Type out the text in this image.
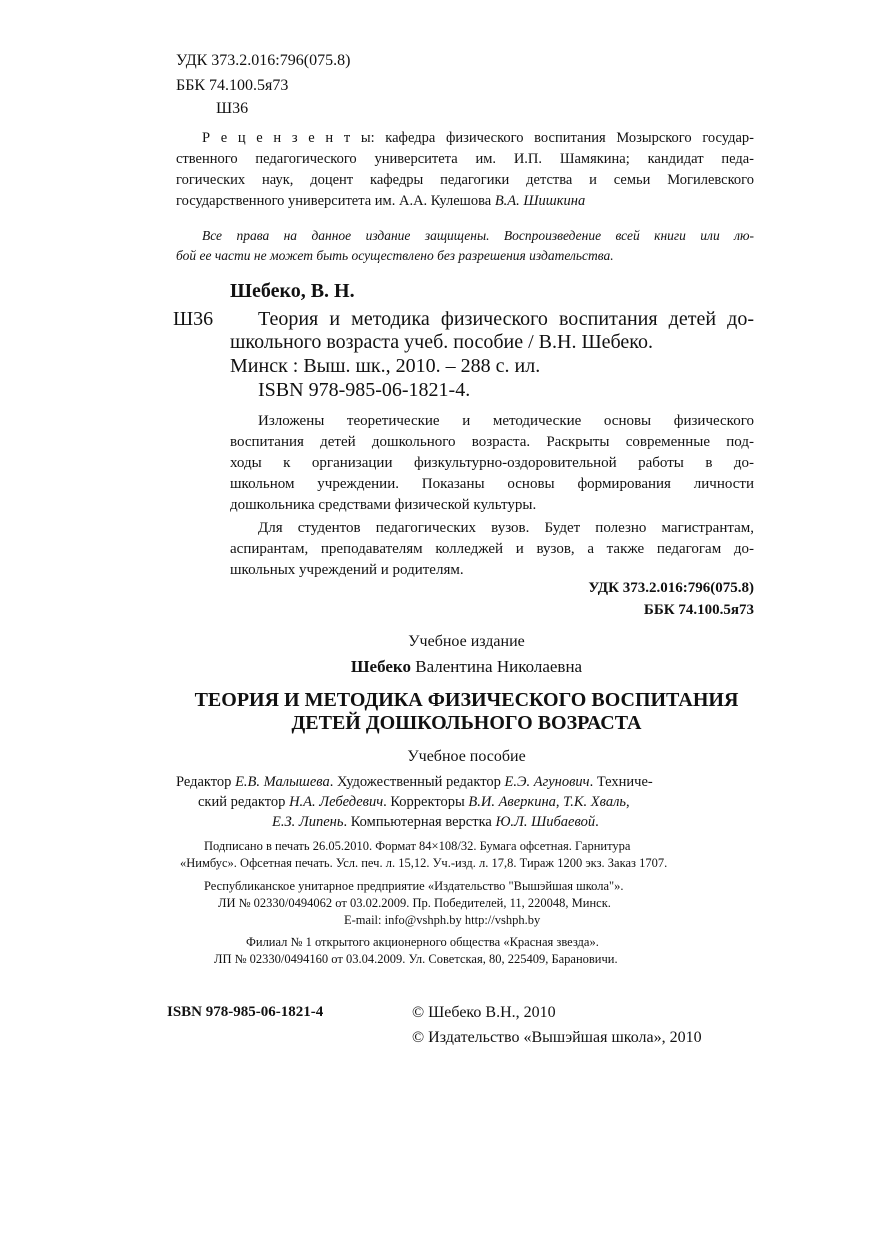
УДК 373.2.016:796(075.8)
ББК 74.100.5я73
Ш36
Р е ц е н з е н т ы: кафедра физического воспитания Мозырского государ-
ственного педагогического университета им. И.П. Шамякина; кандидат педа-
гогических наук, доцент кафедры педагогики детства и семьи Могилевского
государственного университета им. А.А. Кулешова В.А. Шишкина
Все права на данное издание защищены. Воспроизведение всей книги или лю-
бой ее части не может быть осуществлено без разрешения издательства.
Шебеко, В. Н.
Ш36 Теория и методика физического воспитания детей до-
школьного возраста учеб. пособие / В.Н. Шебеко.
Минск : Выш. шк., 2010. – 288 с. ил.
ISBN 978-985-06-1821-4.
Изложены теоретические и методические основы физического
воспитания детей дошкольного возраста. Раскрыты современные под-
ходы к организации физкультурно-оздоровительной работы в до-
школьном учреждении. Показаны основы формирования личности
дошкольника средствами физической культуры.
Для студентов педагогических вузов. Будет полезно магистрантам,
аспирантам, преподавателям колледжей и вузов, а также педагогам до-
школьных учреждений и родителям.
УДК 373.2.016:796(075.8)
ББК 74.100.5я73
Учебное издание
Шебеко Валентина Николаевна
ТЕОРИЯ И МЕТОДИКА ФИЗИЧЕСКОГО ВОСПИТАНИЯ
ДЕТЕЙ ДОШКОЛЬНОГО ВОЗРАСТА
Учебное пособие
Редактор Е.В. Малышева. Художественный редактор Е.Э. Агунович. Техниче-
ский редактор Н.А. Лебедевич. Корректоры В.И. Аверкина, Т.К. Хваль,
Е.З. Липень. Компьютерная верстка Ю.Л. Шибаевой.
Подписано в печать 26.05.2010. Формат 84×108/32. Бумага офсетная. Гарнитура
«Нимбус». Офсетная печать. Усл. печ. л. 15,12. Уч.-изд. л. 17,8. Тираж 1200 экз. Заказ 1707.
Республиканское унитарное предприятие «Издательство "Вышэйшая школа"».
ЛИ № 02330/0494062 от 03.02.2009. Пр. Победителей, 11, 220048, Минск.
E-mail: info@vshph.by http://vshph.by
Филиал № 1 открытого акционерного общества «Красная звезда».
ЛП № 02330/0494160 от 03.04.2009. Ул. Советская, 80, 225409, Барановичи.
ISBN 978-985-06-1821-4	© Шебеко В.Н., 2010
© Издательство «Вышэйшая школа», 2010
